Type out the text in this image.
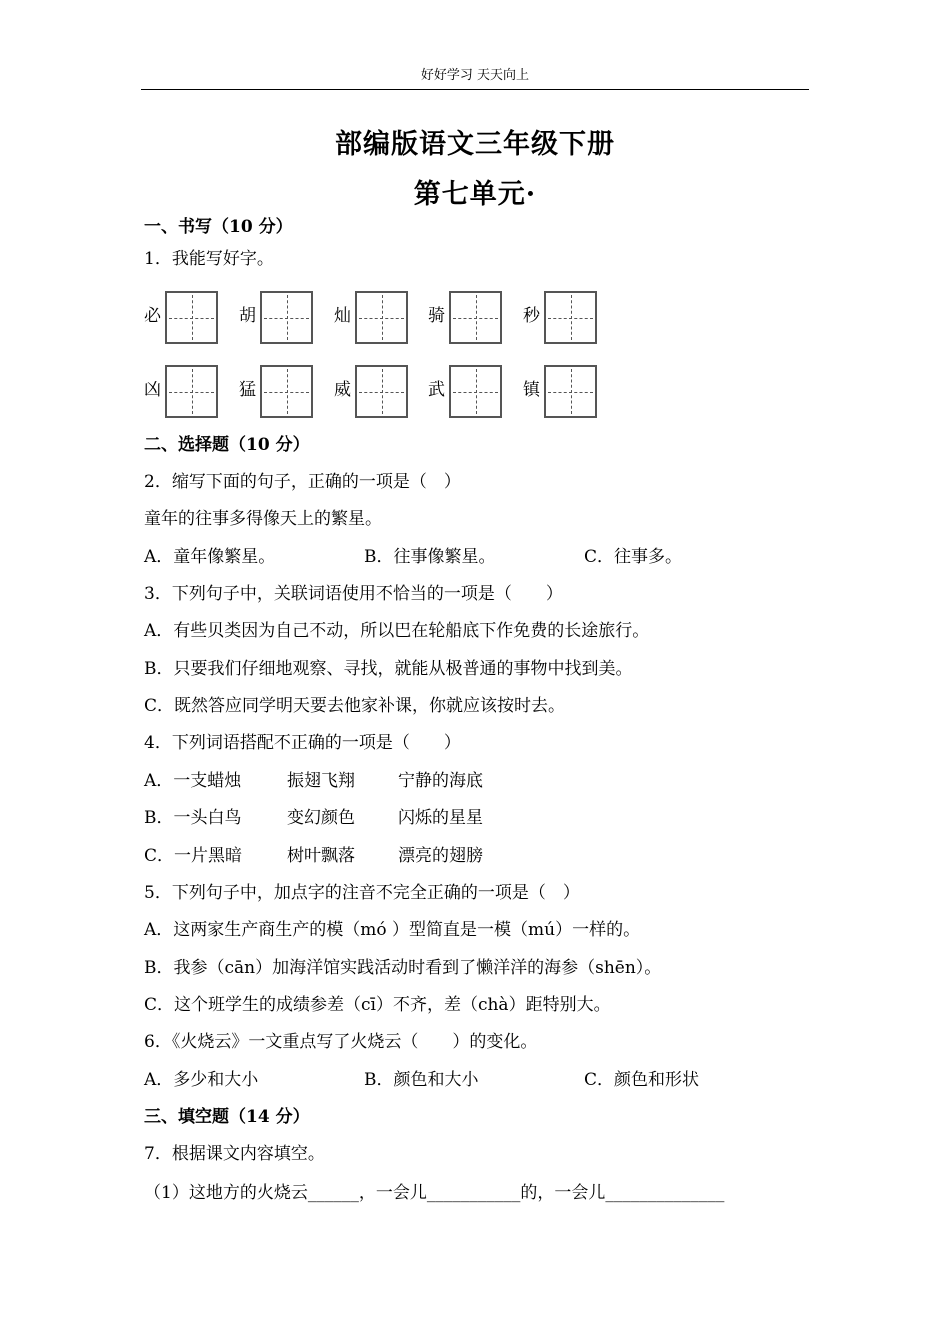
好好学习 天天向上
部编版语文三年级下册
第七单元·
一、书写（10 分）
1．我能写好字。
必	胡	灿	骑	秒
凶	猛	威	武	镇
二、选择题（10 分）
2．缩写下面的句子，正确的一项是（　）
童年的往事多得像天上的繁星。
A．童年像繁星。	B．往事像繁星。	C．往事多。
3．下列句子中，关联词语使用不恰当的一项是（　　）
A．有些贝类因为自己不动，所以巴在轮船底下作免费的长途旅行。
B．只要我们仔细地观察、寻找，就能从极普通的事物中找到美。
C．既然答应同学明天要去他家补课，你就应该按时去。
4．下列词语搭配不正确的一项是（　　）
A．一支蜡烛	振翅飞翔	宁静的海底
B．一头白鸟	变幻颜色	闪烁的星星
C．一片黑暗	树叶飘落	漂亮的翅膀
5．下列句子中，加点字的注音不完全正确的一项是（　）
A．这两家生产商生产的模（mó ）型简直是一模（mú）一样的。
B．我参（cān）加海洋馆实践活动时看到了懒洋洋的海参（shēn）。
C．这个班学生的成绩参差（cī）不齐，差（chà）距特别大。
6．《火烧云》一文重点写了火烧云（　　）的变化。
A．多少和大小	B．颜色和大小	C．颜色和形状
三、填空题（14 分）
7．根据课文内容填空。
（1）这地方的火烧云______，一会儿___________的，一会儿______________
